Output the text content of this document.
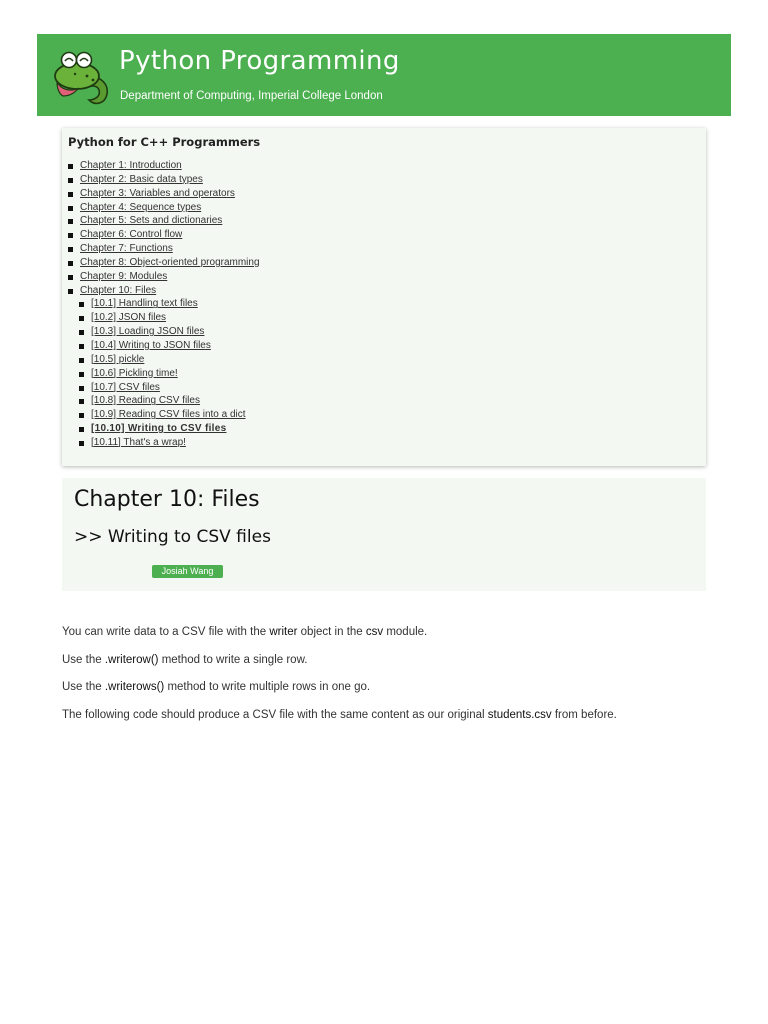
Python Programming
Department of Computing, Imperial College London
Python for C++ Programmers
Chapter 1: Introduction
Chapter 2: Basic data types
Chapter 3: Variables and operators
Chapter 4: Sequence types
Chapter 5: Sets and dictionaries
Chapter 6: Control flow
Chapter 7: Functions
Chapter 8: Object-oriented programming
Chapter 9: Modules
Chapter 10: Files
[10.1] Handling text files
[10.2] JSON files
[10.3] Loading JSON files
[10.4] Writing to JSON files
[10.5] pickle
[10.6] Pickling time!
[10.7] CSV files
[10.8] Reading CSV files
[10.9] Reading CSV files into a dict
[10.10] Writing to CSV files
[10.11] That's a wrap!
Chapter 10: Files
>> Writing to CSV files
Josiah Wang

You can write data to a CSV file with the writer object in the csv module.

Use the .writerow() method to write a single row.

Use the .writerows() method to write multiple rows in one go.

The following code should produce a CSV file with the same content as our original students.csv from before.
